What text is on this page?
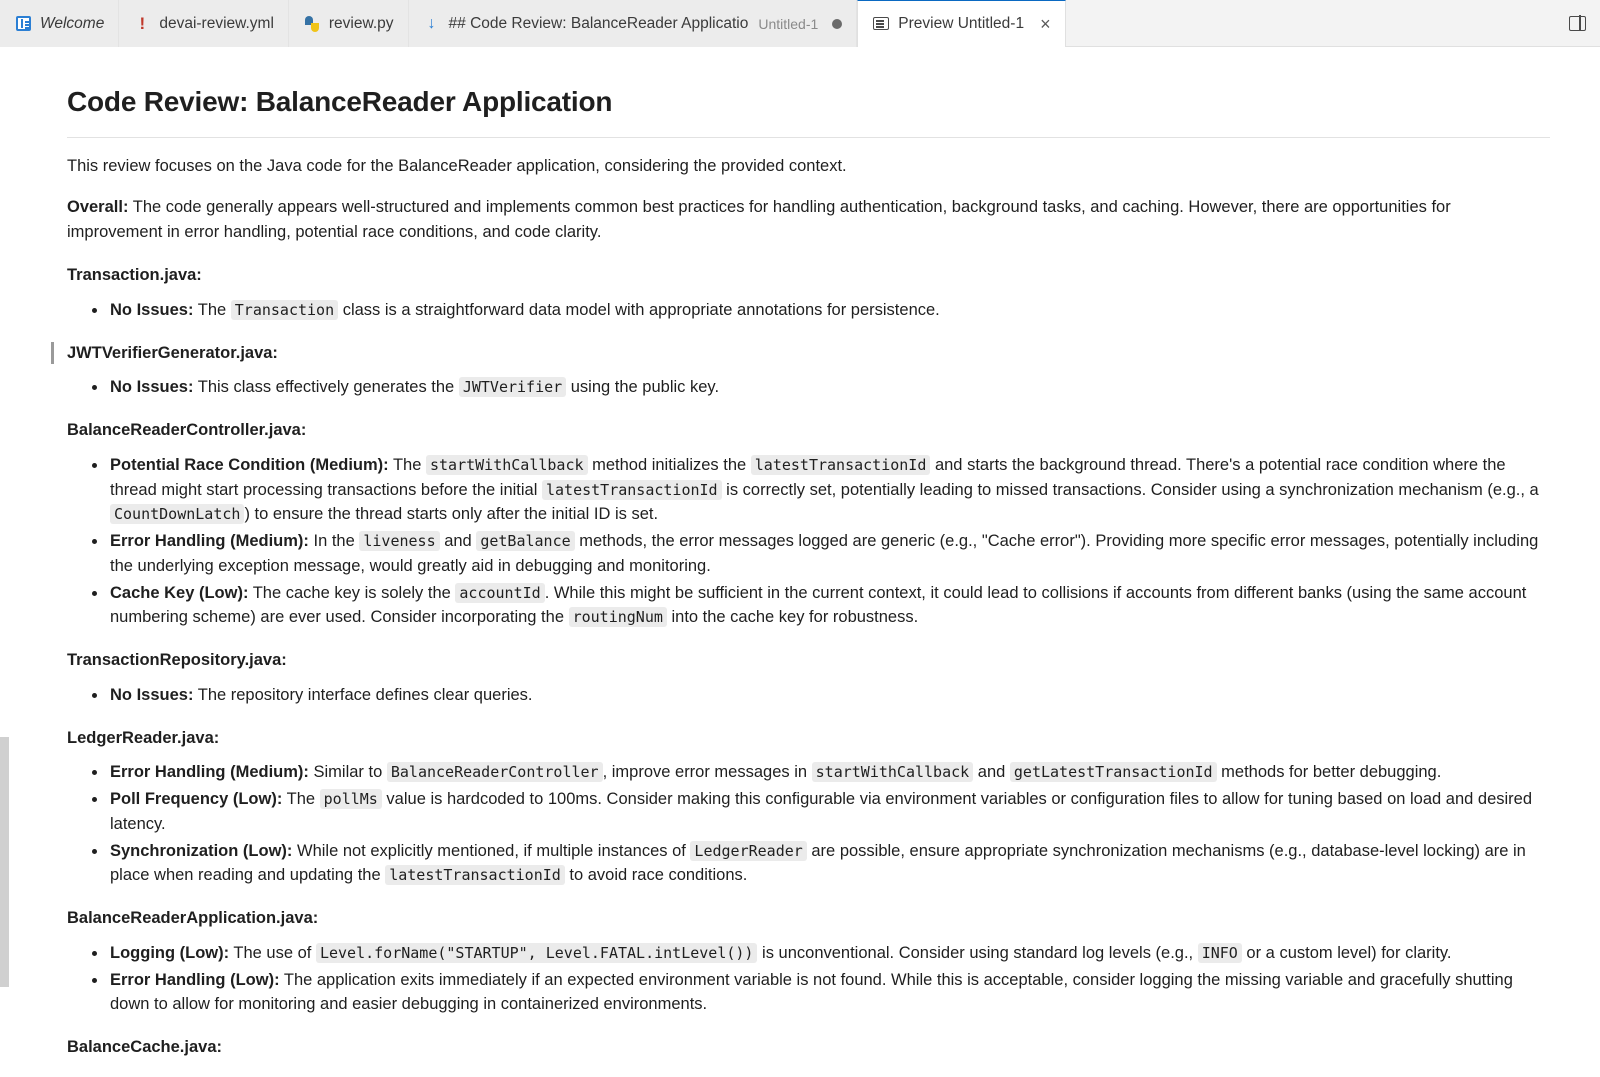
Welcome ! devai-review.yml	review.py ↓ ## Code Review: BalanceReader Applicatio Untitled-1	Preview Untitled-1 ×
Code Review: BalanceReader Application

This review focuses on the Java code for the BalanceReader application, considering the provided context.

Overall: The code generally appears well-structured and implements common best practices for handling authentication, background tasks, and caching. However, there are opportunities for improvement in error handling, potential race conditions, and code clarity.

Transaction.java:

No Issues: The Transaction class is a straightforward data model with appropriate annotations for persistence.

JWTVerifierGenerator.java:

No Issues: This class effectively generates the JWTVerifier using the public key.

BalanceReaderController.java:

Potential Race Condition (Medium): The startWithCallback method initializes the latestTransactionId and starts the background thread. There's a potential race condition where the thread might start processing transactions before the initial latestTransactionId is correctly set, potentially leading to missed transactions. Consider using a synchronization mechanism (e.g., a CountDownLatch ) to ensure the thread starts only after the initial ID is set.
Error Handling (Medium): In the liveness and getBalance methods, the error messages logged are generic (e.g., "Cache error"). Providing more specific error messages, potentially including the underlying exception message, would greatly aid in debugging and monitoring.
Cache Key (Low): The cache key is solely the accountId . While this might be sufficient in the current context, it could lead to collisions if accounts from different banks (using the same account numbering scheme) are ever used. Consider incorporating the routingNum into the cache key for robustness.

TransactionRepository.java:

No Issues: The repository interface defines clear queries.

LedgerReader.java:

Error Handling (Medium): Similar to BalanceReaderController , improve error messages in startWithCallback and getLatestTransactionId methods for better debugging.
Poll Frequency (Low): The pollMs value is hardcoded to 100ms. Consider making this configurable via environment variables or configuration files to allow for tuning based on load and desired latency.
Synchronization (Low): While not explicitly mentioned, if multiple instances of LedgerReader are possible, ensure appropriate synchronization mechanisms (e.g., database-level locking) are in place when reading and updating the latestTransactionId to avoid race conditions.

BalanceReaderApplication.java:

Logging (Low): The use of Level.forName("STARTUP", Level.FATAL.intLevel()) is unconventional. Consider using standard log levels (e.g., INFO or a custom level) for clarity.
Error Handling (Low): The application exits immediately if an expected environment variable is not found. While this is acceptable, consider logging the missing variable and gracefully shutting down to allow for monitoring and easier debugging in containerized environments.

BalanceCache.java:
